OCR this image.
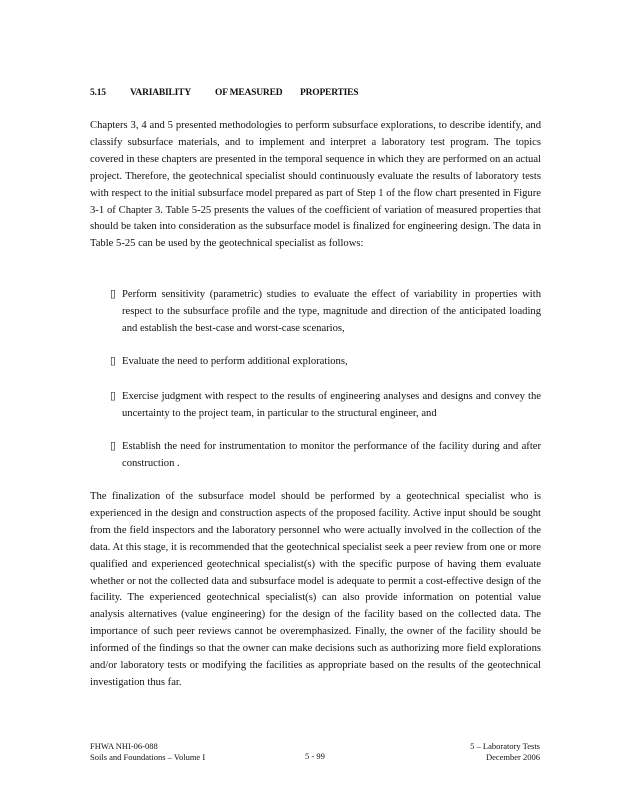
5.15	VARIABILITY	OF MEASURED PROPERTIES

Chapters 3, 4 and 5 presented methodologies to perform subsurface explorations, to describe identify, and classify subsurface materials, and to implement and interpret a laboratory test program. The topics covered in these chapters are presented in the temporal sequence in which they are performed on an actual project. Therefore, the geotechnical specialist should continuously evaluate the results of laboratory tests with respect to the initial subsurface model prepared as part of Step 1 of the flow chart presented in Figure 3-1 of Chapter 3. Table 5-25 presents the values of the coefficient of variation of measured properties that should be taken into consideration as the subsurface model is finalized for engineering design. The data in Table 5-25 can be used by the geotechnical specialist as follows:

▯ Perform sensitivity (parametric) studies to evaluate the effect of variability in properties with respect to the subsurface profile and the type, magnitude and direction of the anticipated loading and establish the best-case and worst-case scenarios,
▯ Evaluate the need to perform additional explorations,
▯ Exercise judgment with respect to the results of engineering analyses and designs and convey the uncertainty to the project team, in particular to the structural engineer, and
▯ Establish the need for instrumentation to monitor the performance of the facility during and after construction .

The finalization of the subsurface model should be performed by a geotechnical specialist who is experienced in the design and construction aspects of the proposed facility. Active input should be sought from the field inspectors and the laboratory personnel who were actually involved in the collection of the data. At this stage, it is recommended that the geotechnical specialist seek a peer review from one or more qualified and experienced geotechnical specialist(s) with the specific purpose of having them evaluate whether or not the collected data and subsurface model is adequate to permit a cost-effective design of the facility. The experienced geotechnical specialist(s) can also provide information on potential value analysis alternatives (value engineering) for the design of the facility based on the collected data. The importance of such peer reviews cannot be overemphasized. Finally, the owner of the facility should be informed of the findings so that the owner can make decisions such as authorizing more field explorations and/or laboratory tests or modifying the facilities as appropriate based on the results of the geotechnical investigation thus far.

FHWA NHI-06-088
Soils and Foundations – Volume I	5 - 99
5 – Laboratory Tests
December 2006
